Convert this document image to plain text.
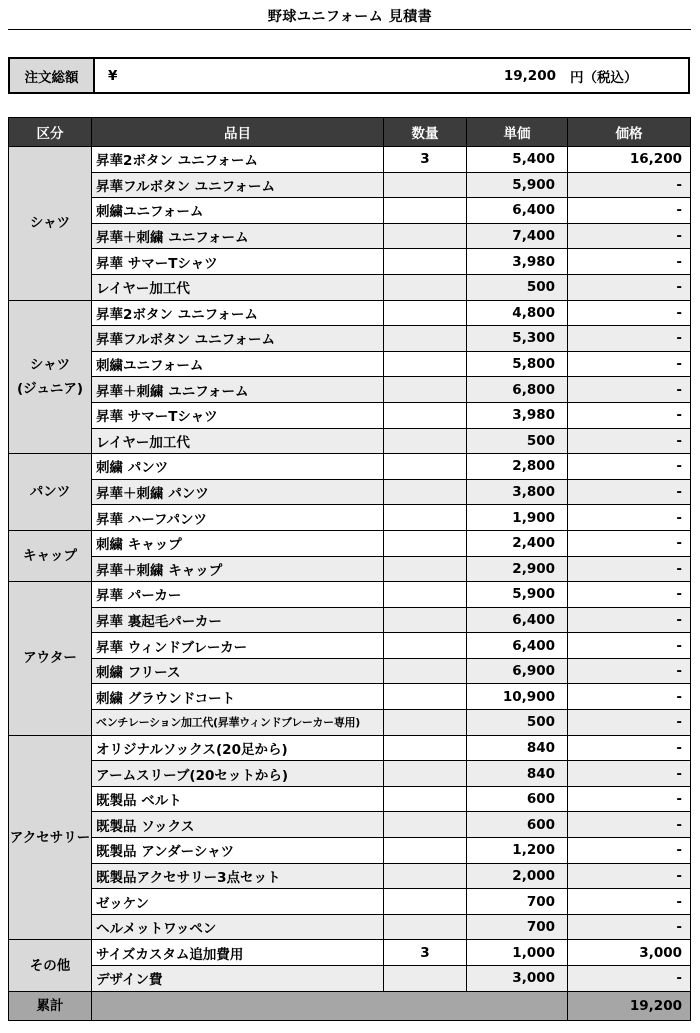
野球ユニフォーム 見積書
注文総額	¥	19,200	円（税込）
区分	品目	数量	単価	価格
シャツ	昇華2ボタン ユニフォーム	3	5,400	16,200
	昇華フルボタン ユニフォーム		5,900	-
	刺繍ユニフォーム		6,400	-
	昇華＋刺繍 ユニフォーム		7,400	-
	昇華 サマーTシャツ		3,980	-
	レイヤー加工代		500	-
シャツ
(ジュニア)	昇華2ボタン ユニフォーム		4,800	-
	昇華フルボタン ユニフォーム		5,300	-
	刺繍ユニフォーム		5,800	-
	昇華＋刺繍 ユニフォーム		6,800	-
	昇華 サマーTシャツ		3,980	-
	レイヤー加工代		500	-
パンツ	刺繍 パンツ		2,800	-
	昇華＋刺繍 パンツ		3,800	-
	昇華 ハーフパンツ		1,900	-
キャップ	刺繍 キャップ		2,400	-
	昇華＋刺繍 キャップ		2,900	-
アウター	昇華 パーカー		5,900	-
	昇華 裏起毛パーカー		6,400	-
	昇華 ウィンドブレーカー		6,400	-
	刺繍 フリース		6,900	-
	刺繍 グラウンドコート		10,900	-
	ベンチレーション加工代(昇華ウィンドブレーカー専用)		500	-
アクセサリー	オリジナルソックス(20足から)		840	-
	アームスリーブ(20セットから)		840	-
	既製品 ベルト		600	-
	既製品 ソックス		600	-
	既製品 アンダーシャツ		1,200	-
	既製品アクセサリー3点セット		2,000	-
	ゼッケン		700	-
	ヘルメットワッペン		700	-
その他	サイズカスタム追加費用	3	1,000	3,000
	デザイン費		3,000	-
累計				19,200
